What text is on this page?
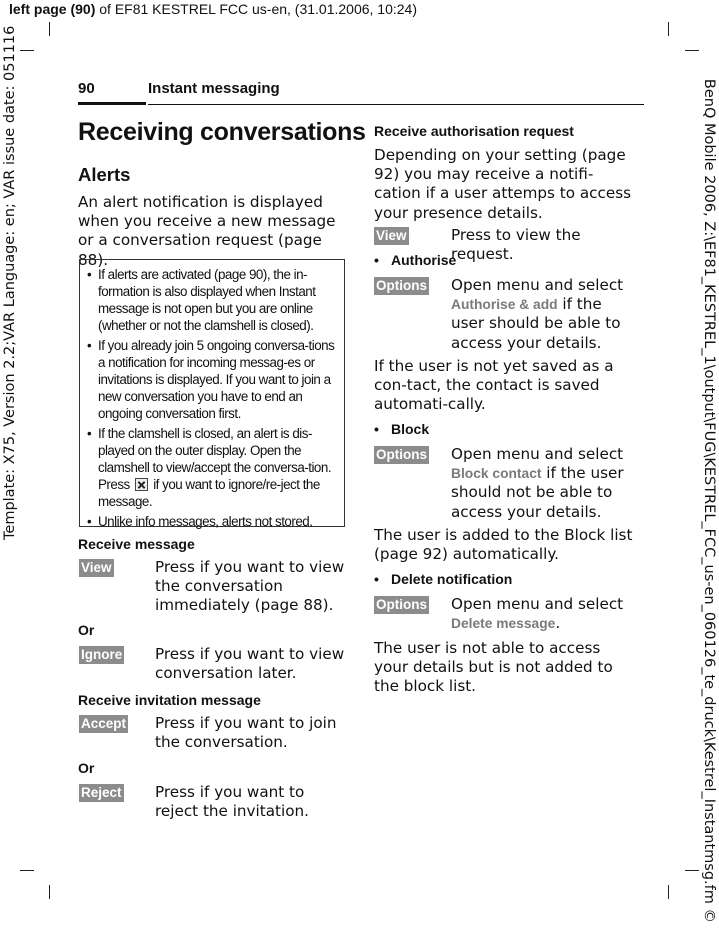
left page (90) of EF81 KESTREL FCC us-en, (31.01.2006, 10:24)
Template: X75, Version 2.2;VAR Language: en; VAR issue date: 051116	© BenQ Mobile 2006, Z:\EF81_KESTREL_1\output\FUG\KESTREL_FCC_us-en_060126_te_druck\Kestrel_Instantmsg.fm
90	Instant messaging
Receiving conversations
Alerts
An alert notification is displayed when you receive a new message or a conversation request (page 88).
• If alerts are activated (page 90), the in-formation is also displayed when Instant message is not open but you are online (whether or not the clamshell is closed).
• If you already join 5 ongoing conversa-tions a notification for incoming messag-es or invitations is displayed. If you want to join a new conversation you have to end an ongoing conversation first.
• If the clamshell is closed, an alert is dis-played on the outer display. Open the clamshell to view/accept the conversa-tion. Press if you want to ignore/re-ject the message.
• Unlike info messages, alerts not stored.
Receive message
View	Press if you want to view the conversation immediately (page 88).
Or
Ignore Press if you want to view conversation later.
Receive invitation message
Accept Press if you want to join the conversation.
Or
Reject Press if you want to reject the invitation.
Receive authorisation request
Depending on your setting (page 92) you may receive a notifi-cation if a user attemps to access your presence details.
View	Press to view the request.
• Authorise
Options Open menu and select Authorise & add if the user should be able to access your details.
If the user is not yet saved as a con-tact, the contact is saved automati-cally.
• Block
Options Open menu and select Block contact if the user should not be able to access your details.
The user is added to the Block list (page 92) automatically.
• Delete notification
Options Open menu and select Delete message.
The user is not able to access your details but is not added to the block list.
